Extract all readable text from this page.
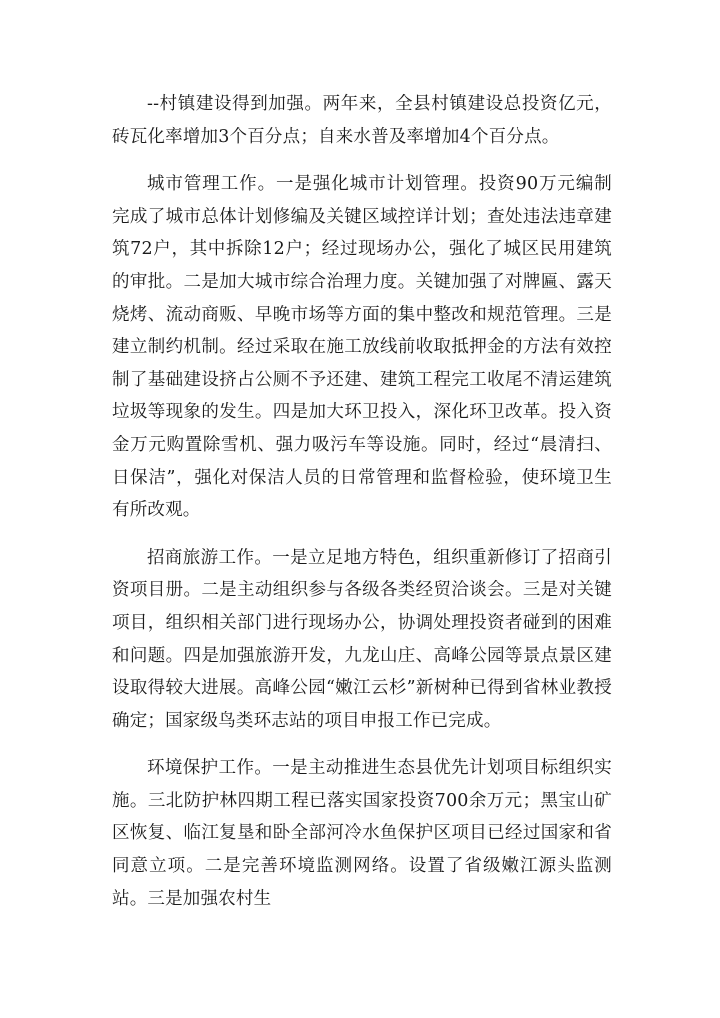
--村镇建设得到加强。两年来，全县村镇建设总投资亿元，砖瓦化率增加3个百分点；自来水普及率增加4个百分点。

城市管理工作。一是强化城市计划管理。投资90万元编制完成了城市总体计划修编及关键区域控详计划；查处违法违章建筑72户，其中拆除12户；经过现场办公，强化了城区民用建筑的审批。二是加大城市综合治理力度。关键加强了对牌匾、露天烧烤、流动商贩、早晚市场等方面的集中整改和规范管理。三是建立制约机制。经过采取在施工放线前收取抵押金的方法有效控制了基础建设挤占公厕不予还建、建筑工程完工收尾不清运建筑垃圾等现象的发生。四是加大环卫投入，深化环卫改革。投入资金万元购置除雪机、强力吸污车等设施。同时，经过“晨清扫、日保洁”，强化对保洁人员的日常管理和监督检验，使环境卫生有所改观。

招商旅游工作。一是立足地方特色，组织重新修订了招商引资项目册。二是主动组织参与各级各类经贸洽谈会。三是对关键项目，组织相关部门进行现场办公，协调处理投资者碰到的困难和问题。四是加强旅游开发，九龙山庄、高峰公园等景点景区建设取得较大进展。高峰公园“嫩江云杉”新树种已得到省林业教授确定；国家级鸟类环志站的项目申报工作已完成。

环境保护工作。一是主动推进生态县优先计划项目标组织实施。三北防护林四期工程已落实国家投资700余万元；黑宝山矿区恢复、临江复垦和卧全部河冷水鱼保护区项目已经过国家和省同意立项。二是完善环境监测网络。设置了省级嫩江源头监测站。三是加强农村生
